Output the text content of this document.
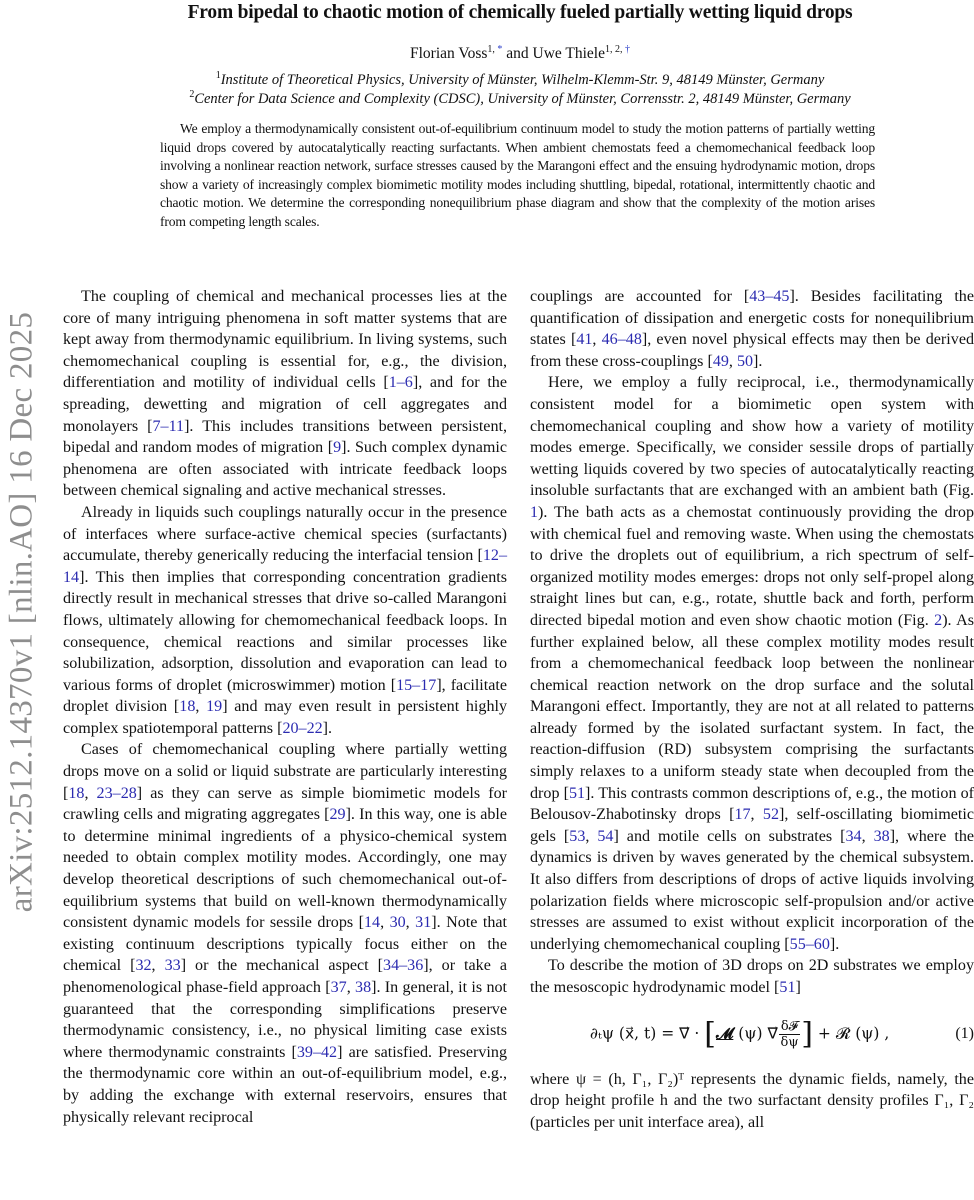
From bipedal to chaotic motion of chemically fueled partially wetting liquid drops
Florian Voss$^{1, *}$ and Uwe Thiele$^{1, 2, \dagger}$
$^1$Institute of Theoretical Physics, University of Münster, Wilhelm-Klemm-Str. 9, 48149 Münster, Germany
$^2$Center for Data Science and Complexity (CDSC), University of Münster, Corrensstr. 2, 48149 Münster, Germany
We employ a thermodynamically consistent out-of-equilibrium continuum model to study the motion patterns of partially wetting liquid drops covered by autocatalytically reacting surfactants. When ambient chemostats feed a chemomechanical feedback loop involving a nonlinear reaction network, surface stresses caused by the Marangoni effect and the ensuing hydrodynamic motion, drops show a variety of increasingly complex biomimetic motility modes including shuttling, bipedal, rotational, intermittently chaotic and chaotic motion. We determine the corresponding nonequilibrium phase diagram and show that the complexity of the motion arises from competing length scales.
arXiv:2512.14370v1 [nlin.AO] 16 Dec 2025

The coupling of chemical and mechanical processes lies at the core of many intriguing phenomena in soft matter systems that are kept away from thermodynamic equilibrium. In living systems, such chemomechanical coupling is essential for, e.g., the division, differentiation and motility of individual cells [1–6], and for the spreading, dewetting and migration of cell aggregates and monolayers [7–11]. This includes transitions between persistent, bipedal and random modes of migration [9]. Such complex dynamic phenomena are often associated with intricate feedback loops between chemical signaling and active mechanical stresses.

Already in liquids such couplings naturally occur in the presence of interfaces where surface-active chemical species (surfactants) accumulate, thereby generically reducing the interfacial tension [12–14]. This then implies that corresponding concentration gradients directly result in mechanical stresses that drive so-called Marangoni flows, ultimately allowing for chemomechanical feedback loops. In consequence, chemical reactions and similar processes like solubilization, adsorption, dissolution and evaporation can lead to various forms of droplet (microswimmer) motion [15–17], facilitate droplet division [18, 19] and may even result in persistent highly complex spatiotemporal patterns [20–22].

Cases of chemomechanical coupling where partially wetting drops move on a solid or liquid substrate are particularly interesting [18, 23–28] as they can serve as simple biomimetic models for crawling cells and migrating aggregates [29]. In this way, one is able to determine minimal ingredients of a physico-chemical system needed to obtain complex motility modes. Accordingly, one may develop theoretical descriptions of such chemomechanical out-of-equilibrium systems that build on well-known thermodynamically consistent dynamic models for sessile drops [14, 30, 31]. Note that existing continuum descriptions typically focus either on the chemical [32, 33] or the mechanical aspect [34–36], or take a phenomenological phase-field approach [37, 38]. In general, it is not guaranteed that the corresponding simplifications preserve thermodynamic consistency, i.e., no physical limiting case exists where thermodynamic constraints [39–42] are satisfied. Preserving the thermodynamic core within an out-of-equilibrium model, e.g., by adding the exchange with external reservoirs, ensures that physically relevant reciprocal

couplings are accounted for [43–45]. Besides facilitating the quantification of dissipation and energetic costs for nonequilibrium states [41, 46–48], even novel physical effects may then be derived from these cross-couplings [49, 50].

Here, we employ a fully reciprocal, i.e., thermodynamically consistent model for a biomimetic open system with chemomechanical coupling and show how a variety of motility modes emerge. Specifically, we consider sessile drops of partially wetting liquids covered by two species of autocatalytically reacting insoluble surfactants that are exchanged with an ambient bath (Fig. 1). The bath acts as a chemostat continuously providing the drop with chemical fuel and removing waste. When using the chemostats to drive the droplets out of equilibrium, a rich spectrum of self-organized motility modes emerges: drops not only self-propel along straight lines but can, e.g., rotate, shuttle back and forth, perform directed bipedal motion and even show chaotic motion (Fig. 2). As further explained below, all these complex motility modes result from a chemomechanical feedback loop between the nonlinear chemical reaction network on the drop surface and the solutal Marangoni effect. Importantly, they are not at all related to patterns already formed by the isolated surfactant system. In fact, the reaction-diffusion (RD) subsystem comprising the surfactants simply relaxes to a uniform steady state when decoupled from the drop [51]. This contrasts common descriptions of, e.g., the motion of Belousov-Zhabotinsky drops [17, 52], self-oscillating biomimetic gels [53, 54] and motile cells on substrates [34, 38], where the dynamics is driven by waves generated by the chemical subsystem. It also differs from descriptions of drops of active liquids involving polarization fields where microscopic self-propulsion and/or active stresses are assumed to exist without explicit incorporation of the underlying chemomechanical coupling [55–60].

To describe the motion of 3D drops on 2D substrates we employ the mesoscopic hydrodynamic model [51]

∂ₜψ (x⃗, t) = ∇⃗ · [𝓜 (ψ) ∇⃗ $\frac{\text{δ𝓕}}{\delta\psi}$ ] + 𝓡 (ψ) ,	(1)

where ψ = (h, Γ₁, Γ₂)ᵀ represents the dynamic fields, namely, the drop height profile h and the two surfactant density profiles Γ₁, Γ₂ (particles per unit interface area), all
